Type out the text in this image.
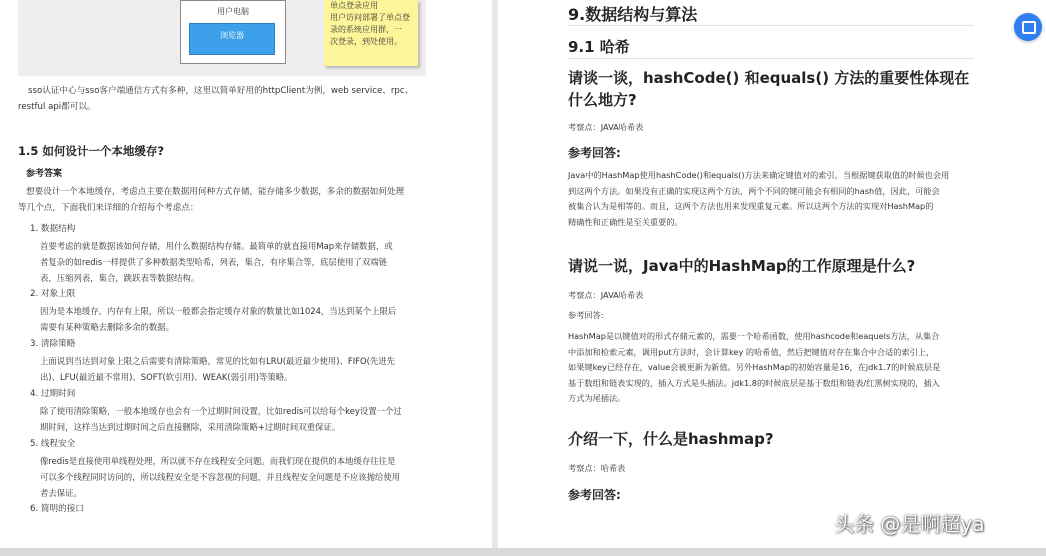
用户电脑
浏览器
单点登录应用
用户访问部署了单点登
录的系统应用群，一
次登录，到处使用。
sso认证中心与sso客户端通信方式有多种，这里以简单好用的httpClient为例，web service、rpc、
restful api都可以。
1.5 如何设计一个本地缓存?
参考答案
想要设计一个本地缓存，考虑点主要在数据用何种方式存储，能存储多少数据，多余的数据如何处理
等几个点，下面我们来详细的介绍每个考虑点：
1. 数据结构
首要考虑的就是数据该如何存储，用什么数据结构存储。最简单的就直接用Map来存储数据，或
者复杂的如redis一样提供了多种数据类型哈希，列表，集合，有序集合等，底层使用了双端链
表，压缩列表，集合，跳跃表等数据结构。
2. 对象上限
因为是本地缓存，内存有上限，所以一般都会指定缓存对象的数量比如1024，当达到某个上限后
需要有某种策略去删除多余的数据。
3. 清除策略
上面说到当达到对象上限之后需要有清除策略，常见的比如有LRU(最近最少使用)、FIFO(先进先
出)、LFU(最近最不常用)、SOFT(软引用)、WEAK(弱引用)等策略。
4. 过期时间
除了使用清除策略，一般本地缓存也会有一个过期时间设置，比如redis可以给每个key设置一个过
期时间，这样当达到过期时间之后直接删除，采用清除策略+过期时间双重保证。
5. 线程安全
像redis是直接使用单线程处理，所以就不存在线程安全问题。而我们现在提供的本地缓存往往是
可以多个线程同时访问的，所以线程安全是不容忽视的问题，并且线程安全问题是不应该抛给使用
者去保证。
6. 简明的接口
9.数据结构与算法
9.1 哈希
请谈一谈，hashCode() 和equals() 方法的重要性体现在
什么地方?
考察点：JAVA哈希表
参考回答:
Java中的HashMap使用hashCode()和equals()方法来确定键值对的索引，当根据键获取值的时候也会用
到这两个方法。如果没有正确的实现这两个方法，两个不同的键可能会有相同的hash值，因此，可能会
被集合认为是相等的。而且，这两个方法也用来发现重复元素。所以这两个方法的实现对HashMap的
精确性和正确性是至关重要的。
请说一说，Java中的HashMap的工作原理是什么?
考察点：JAVA哈希表
参考回答:
HashMap是以键值对的形式存储元素的，需要一个哈希函数，使用hashcode和eaquels方法，从集合
中添加和检索元素，调用put方法时，会计算key 的哈希值，然后把键值对存在集合中合适的索引上，
如果键key已经存在，value会被更新为新值。另外HashMap的初始容量是16，在jdk1.7的时候底层是
基于数组和链表实现的，插入方式是头插法。jdk1.8的时候底层是基于数组和链表/红黑树实现的，插入
方式为尾插法。
介绍一下，什么是hashmap?
考察点：哈希表
参考回答:
头条 @是啊超ya
